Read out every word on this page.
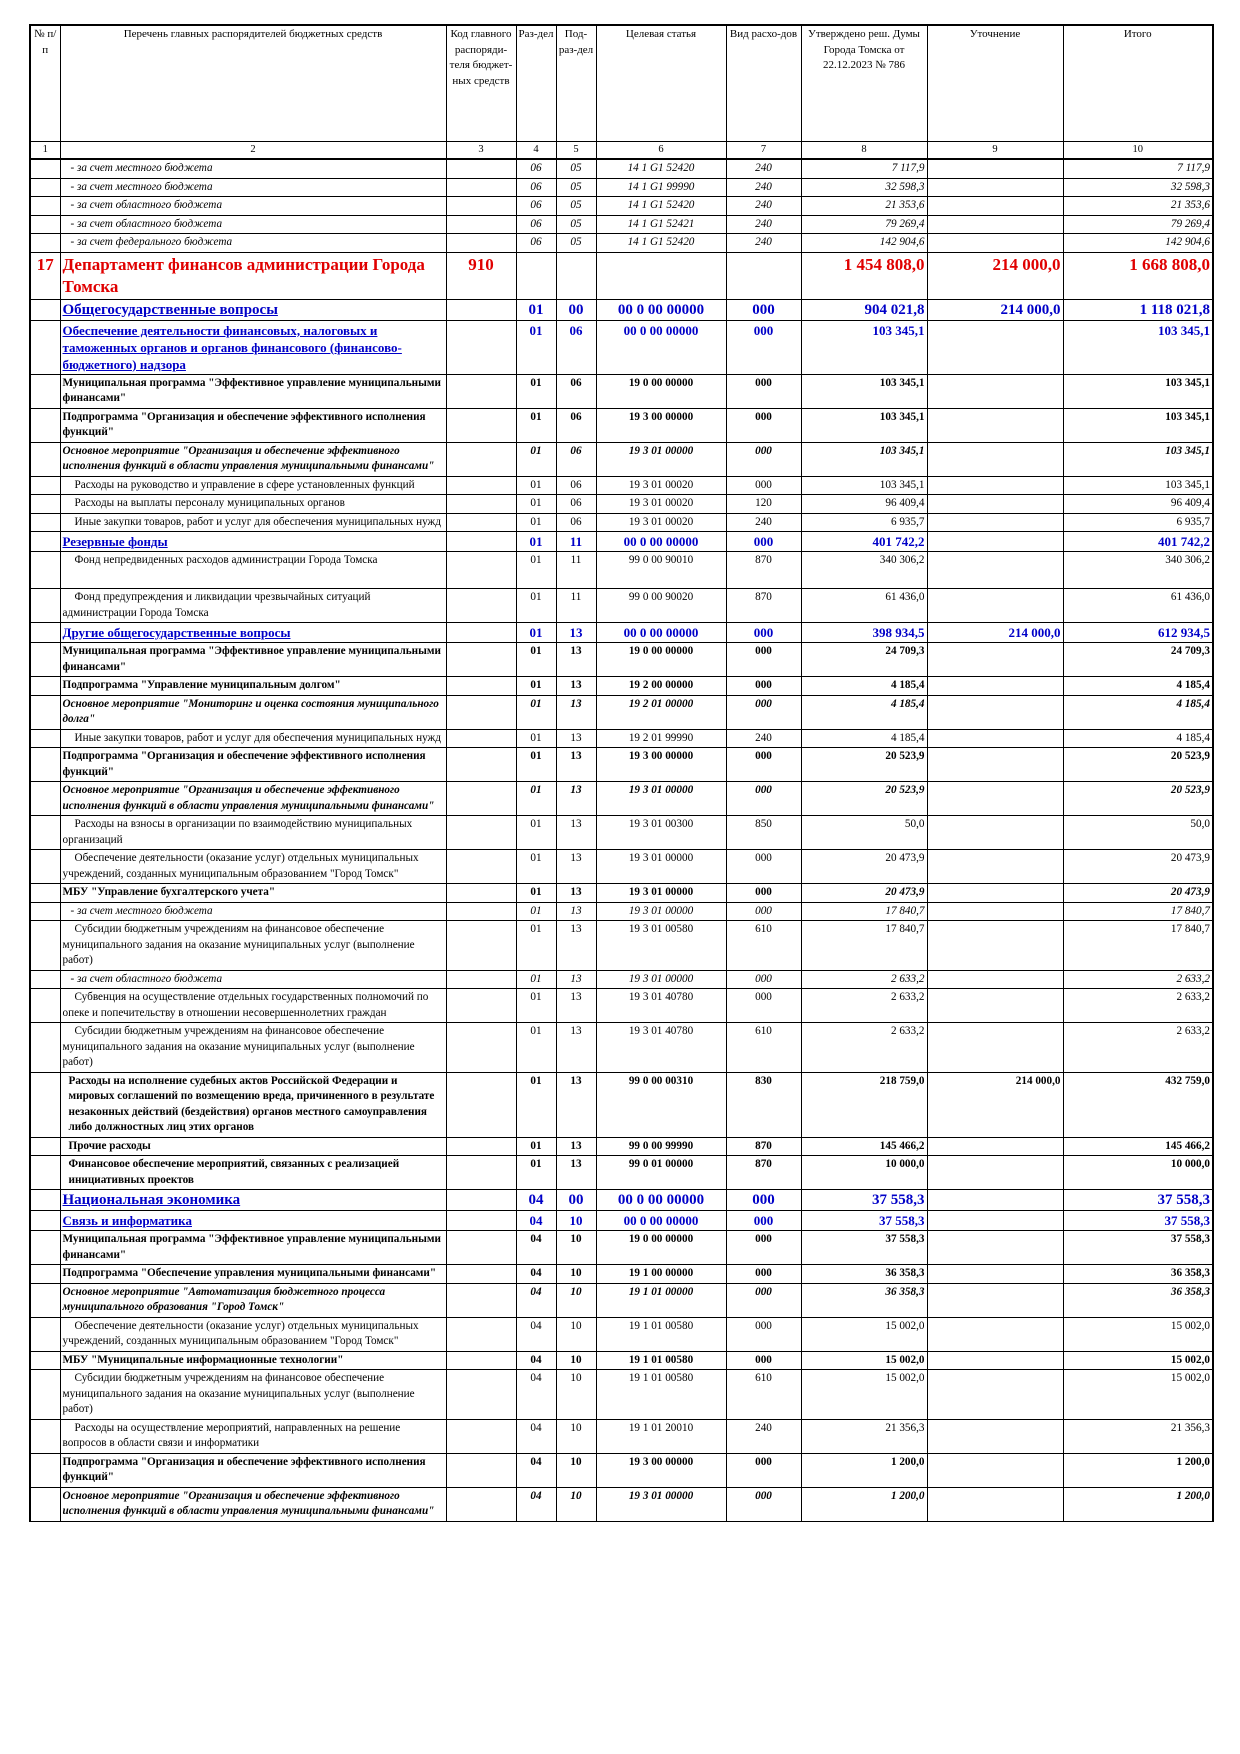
№ п/п	Перечень главных распорядителей бюджетных средств	Код главного распоряди-теля бюджет-ных средств	Раз-дел	Под-раз-дел	Целевая статья	Вид расхо-дов	Утверждено реш. Думы Города Томска от 22.12.2023 № 786	Уточнение	Итого
1	2	3	4	5	6	7	8	9	10
	- за счет местного бюджета		06	05	14 1 G1 52420	240	7 117,9		7 117,9
	- за счет местного бюджета		06	05	14 1 G1 99990	240	32 598,3		32 598,3
	- за счет областного бюджета		06	05	14 1 G1 52420	240	21 353,6		21 353,6
	- за счет областного бюджета		06	05	14 1 G1 52421	240	79 269,4		79 269,4
	- за счет федерального бюджета		06	05	14 1 G1 52420	240	142 904,6		142 904,6
17	Департамент финансов администрации Города Томска	910					1 454 808,0	214 000,0	1 668 808,0
	Общегосударственные вопросы		01	00	00 0 00 00000	000	904 021,8	214 000,0	1 118 021,8
	Обеспечение деятельности финансовых, налоговых и таможенных органов и органов финансового (финансово-бюджетного) надзора		01	06	00 0 00 00000	000	103 345,1		103 345,1
	Муниципальная программа "Эффективное управление муниципальными финансами"		01	06	19 0 00 00000	000	103 345,1		103 345,1
	Подпрограмма "Организация и обеспечение эффективного исполнения функций"		01	06	19 3 00 00000	000	103 345,1		103 345,1
	Основное мероприятие "Организация и обеспечение эффективного исполнения функций в области управления муниципальными финансами"		01	06	19 3 01 00000	000	103 345,1		103 345,1
	Расходы на руководство и управление в сфере установленных функций		01	06	19 3 01 00020	000	103 345,1		103 345,1
	Расходы на выплаты персоналу муниципальных органов		01	06	19 3 01 00020	120	96 409,4		96 409,4
	Иные закупки товаров, работ и услуг для обеспечения муниципальных нужд		01	06	19 3 01 00020	240	6 935,7		6 935,7
	Резервные фонды		01	11	00 0 00 00000	000	401 742,2		401 742,2
	Фонд непредвиденных расходов администрации Города Томска		01	11	99 0 00 90010	870	340 306,2		340 306,2
	Фонд предупреждения и ликвидации чрезвычайных ситуаций администрации Города Томска		01	11	99 0 00 90020	870	61 436,0		61 436,0
	Другие общегосударственные вопросы		01	13	00 0 00 00000	000	398 934,5	214 000,0	612 934,5
	Муниципальная программа "Эффективное управление муниципальными финансами"		01	13	19 0 00 00000	000	24 709,3		24 709,3
	Подпрограмма "Управление муниципальным долгом"		01	13	19 2 00 00000	000	4 185,4		4 185,4
	Основное мероприятие "Мониторинг и оценка состояния муниципального долга"		01	13	19 2 01 00000	000	4 185,4		4 185,4
	Иные закупки товаров, работ и услуг для обеспечения муниципальных нужд		01	13	19 2 01 99990	240	4 185,4		4 185,4
	Подпрограмма "Организация и обеспечение эффективного исполнения функций"		01	13	19 3 00 00000	000	20 523,9		20 523,9
	Основное мероприятие "Организация и обеспечение эффективного исполнения функций в области управления муниципальными финансами"		01	13	19 3 01 00000	000	20 523,9		20 523,9
	Расходы на взносы в организации по взаимодействию муниципальных организаций		01	13	19 3 01 00300	850	50,0		50,0
	Обеспечение деятельности (оказание услуг) отдельных муниципальных учреждений, созданных муниципальным образованием "Город Томск"		01	13	19 3 01 00000	000	20 473,9		20 473,9
	МБУ "Управление бухгалтерского учета"		01	13	19 3 01 00000	000	20 473,9		20 473,9
	- за счет местного бюджета		01	13	19 3 01 00000	000	17 840,7		17 840,7
	Субсидии бюджетным учреждениям на финансовое обеспечение муниципального задания на оказание муниципальных услуг (выполнение работ)		01	13	19 3 01 00580	610	17 840,7		17 840,7
	- за счет областного бюджета		01	13	19 3 01 00000	000	2 633,2		2 633,2
	Субвенция на осуществление отдельных государственных полномочий по опеке и попечительству в отношении несовершеннолетних граждан		01	13	19 3 01 40780	000	2 633,2		2 633,2
	Субсидии бюджетным учреждениям на финансовое обеспечение муниципального задания на оказание муниципальных услуг (выполнение работ)		01	13	19 3 01 40780	610	2 633,2		2 633,2
	Расходы на исполнение судебных актов Российской Федерации и мировых соглашений по возмещению вреда, причиненного в результате незаконных действий (бездействия) органов местного самоуправления либо должностных лиц этих органов		01	13	99 0 00 00310	830	218 759,0	214 000,0	432 759,0
	Прочие расходы		01	13	99 0 00 99990	870	145 466,2		145 466,2
	Финансовое обеспечение мероприятий, связанных с реализацией инициативных проектов		01	13	99 0 01 00000	870	10 000,0		10 000,0
	Национальная экономика		04	00	00 0 00 00000	000	37 558,3		37 558,3
	Связь и информатика		04	10	00 0 00 00000	000	37 558,3		37 558,3
	Муниципальная программа "Эффективное управление муниципальными финансами"		04	10	19 0 00 00000	000	37 558,3		37 558,3
	Подпрограмма "Обеспечение управления муниципальными финансами"		04	10	19 1 00 00000	000	36 358,3		36 358,3
	Основное мероприятие "Автоматизация бюджетного процесса муниципального образования "Город Томск"		04	10	19 1 01 00000	000	36 358,3		36 358,3
	Обеспечение деятельности (оказание услуг) отдельных муниципальных учреждений, созданных муниципальным образованием "Город Томск"		04	10	19 1 01 00580	000	15 002,0		15 002,0
	МБУ "Муниципальные информационные технологии"		04	10	19 1 01 00580	000	15 002,0		15 002,0
	Субсидии бюджетным учреждениям на финансовое обеспечение муниципального задания на оказание муниципальных услуг (выполнение работ)		04	10	19 1 01 00580	610	15 002,0		15 002,0
	Расходы на осуществление мероприятий, направленных на решение вопросов в области связи и информатики		04	10	19 1 01 20010	240	21 356,3		21 356,3
	Подпрограмма "Организация и обеспечение эффективного исполнения функций"		04	10	19 3 00 00000	000	1 200,0		1 200,0
	Основное мероприятие "Организация и обеспечение эффективного исполнения функций в области управления муниципальными финансами"		04	10	19 3 01 00000	000	1 200,0		1 200,0
